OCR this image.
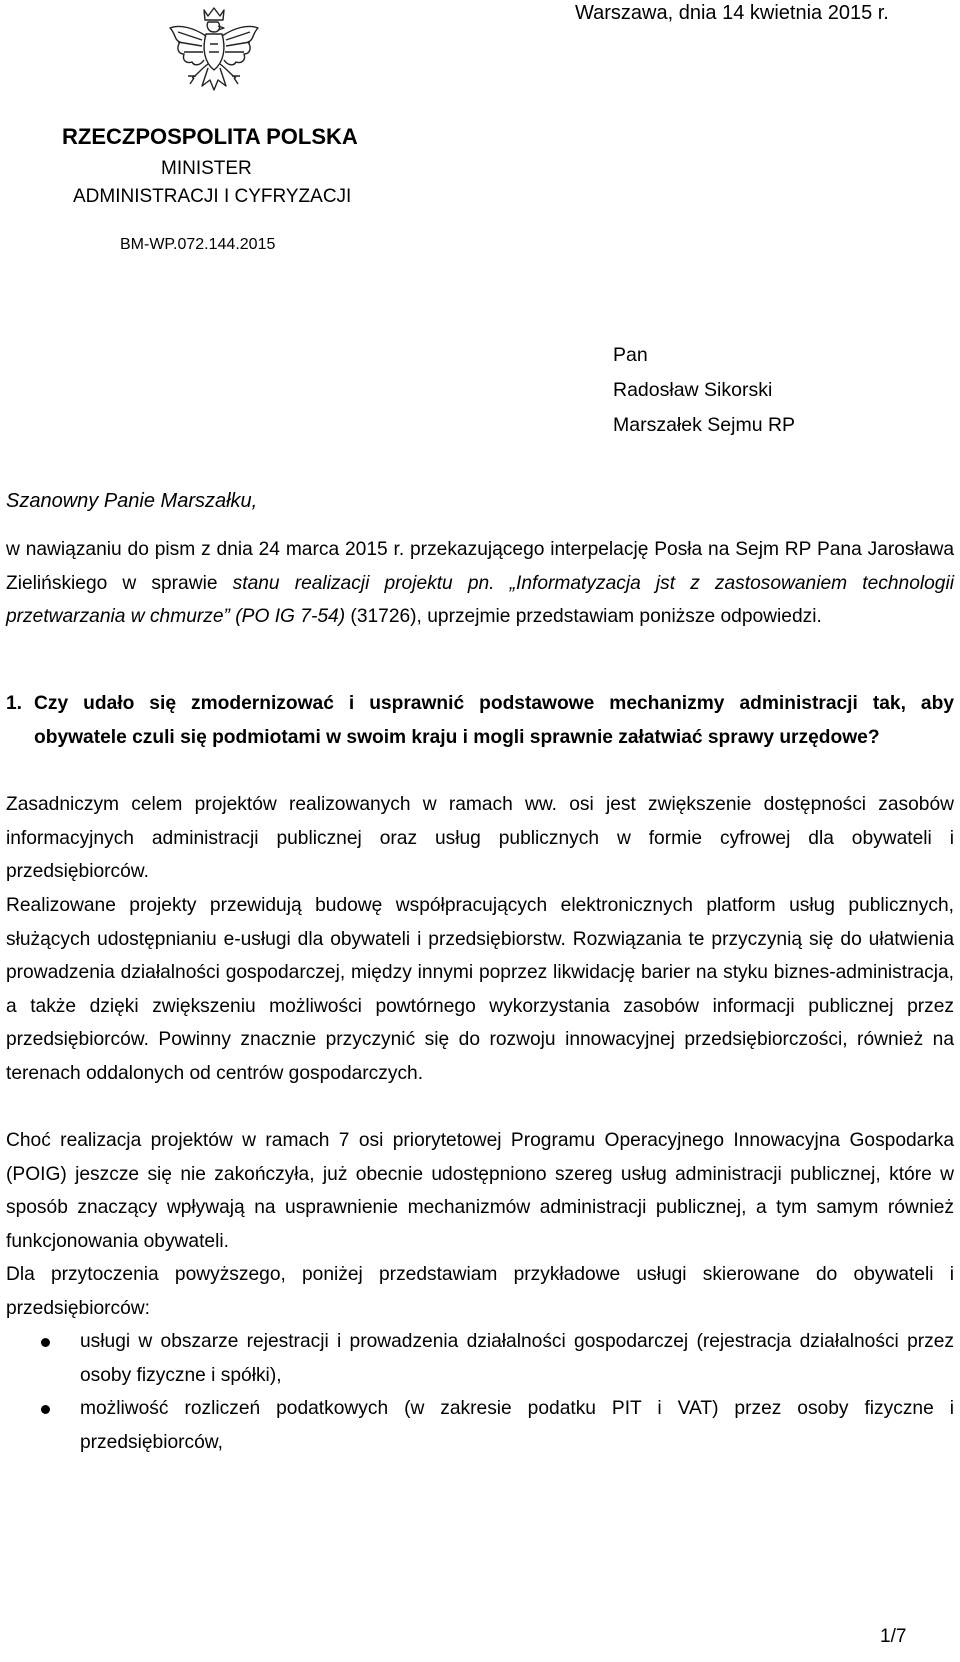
Warszawa, dnia 14 kwietnia 2015 r.
RZECZPOSPOLITA POLSKA
MINISTER
ADMINISTRACJI I CYFRYZACJI
BM-WP.072.144.2015
Pan
Radosław Sikorski
Marszałek Sejmu RP
Szanowny Panie Marszałku,
w nawiązaniu do pism z dnia 24 marca 2015 r. przekazującego interpelację Posła na Sejm RP Pana Jarosława Zielińskiego w sprawie stanu realizacji projektu pn. „Informatyzacja jst z zastosowaniem technologii przetwarzania w chmurze” (PO IG 7-54) (31726), uprzejmie przedstawiam poniższe odpowiedzi.
1. Czy udało się zmodernizować i usprawnić podstawowe mechanizmy administracji tak, aby obywatele czuli się podmiotami w swoim kraju i mogli sprawnie załatwiać sprawy urzędowe?
Zasadniczym celem projektów realizowanych w ramach ww. osi jest zwiększenie dostępności zasobów informacyjnych administracji publicznej oraz usług publicznych w formie cyfrowej dla obywateli i przedsiębiorców.
Realizowane projekty przewidują budowę współpracujących elektronicznych platform usług publicznych, służących udostępnianiu e-usługi dla obywateli i przedsiębiorstw. Rozwiązania te przyczynią się do ułatwienia prowadzenia działalności gospodarczej, między innymi poprzez likwidację barier na styku biznes-administracja, a także dzięki zwiększeniu możliwości powtórnego wykorzystania zasobów informacji publicznej przez przedsiębiorców. Powinny znacznie przyczynić się do rozwoju innowacyjnej przedsiębiorczości, również na terenach oddalonych od centrów gospodarczych.
Choć realizacja projektów w ramach 7 osi priorytetowej Programu Operacyjnego Innowacyjna Gospodarka (POIG) jeszcze się nie zakończyła, już obecnie udostępniono szereg usług administracji publicznej, które w sposób znaczący wpływają na usprawnienie mechanizmów administracji publicznej, a tym samym również funkcjonowania obywateli.
Dla przytoczenia powyższego, poniżej przedstawiam przykładowe usługi skierowane do obywateli i przedsiębiorców:
usługi w obszarze rejestracji i prowadzenia działalności gospodarczej (rejestracja działalności przez osoby fizyczne i spółki),
możliwość rozliczeń podatkowych (w zakresie podatku PIT i VAT) przez osoby fizyczne i przedsiębiorców,
1/7
